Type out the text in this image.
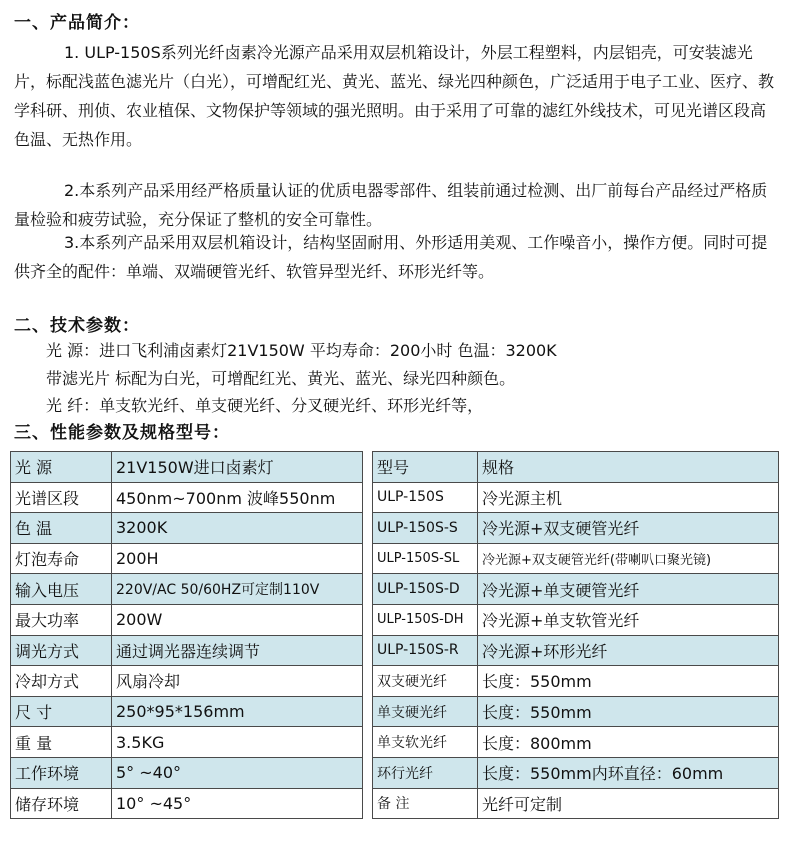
一、产品简介：
1. ULP-150S系列光纤卤素冷光源产品采用双层机箱设计，外层工程塑料，内层铝壳，可安装滤光片，标配浅蓝色滤光片（白光），可增配红光、黄光、蓝光、绿光四种颜色，广泛适用于电子工业、医疗、教学科研、刑侦、农业植保、文物保护等领域的强光照明。由于采用了可靠的滤红外线技术，可见光谱区段高色温、无热作用。
2.本系列产品采用经严格质量认证的优质电器零部件、组装前通过检测、出厂前每台产品经过严格质量检验和疲劳试验，充分保证了整机的安全可靠性。
3.本系列产品采用双层机箱设计，结构坚固耐用、外形适用美观、工作噪音小，操作方便。同时可提供齐全的配件：单端、双端硬管光纤、软管异型光纤、环形光纤等。
二、技术参数：
光 源：进口飞利浦卤素灯21V150W 平均寿命：200小时 色温：3200K
带滤光片 标配为白光，可增配红光、黄光、蓝光、绿光四种颜色。
光 纤：单支软光纤、单支硬光纤、分叉硬光纤、环形光纤等，
三、性能参数及规格型号：
光 源	21V150W进口卤素灯
光谱区段	450nm~700nm 波峰550nm
色 温	3200K
灯泡寿命	200H
输入电压	220V/AC 50/60HZ可定制110V
最大功率	200W
调光方式	通过调光器连续调节
冷却方式	风扇冷却
尺 寸	250*95*156mm
重 量	3.5KG
工作环境	5° ~40°
储存环境	10° ~45°
型号	规格
ULP-150S	冷光源主机
ULP-150S-S	冷光源+双支硬管光纤
ULP-150S-SL	冷光源+双支硬管光纤(带喇叭口聚光镜)
ULP-150S-D	冷光源+单支硬管光纤
ULP-150S-DH	冷光源+单支软管光纤
ULP-150S-R	冷光源+环形光纤
双支硬光纤	长度：550mm
单支硬光纤	长度：550mm
单支软光纤	长度：800mm
环行光纤	长度：550mm内环直径：60mm
备 注	光纤可定制
